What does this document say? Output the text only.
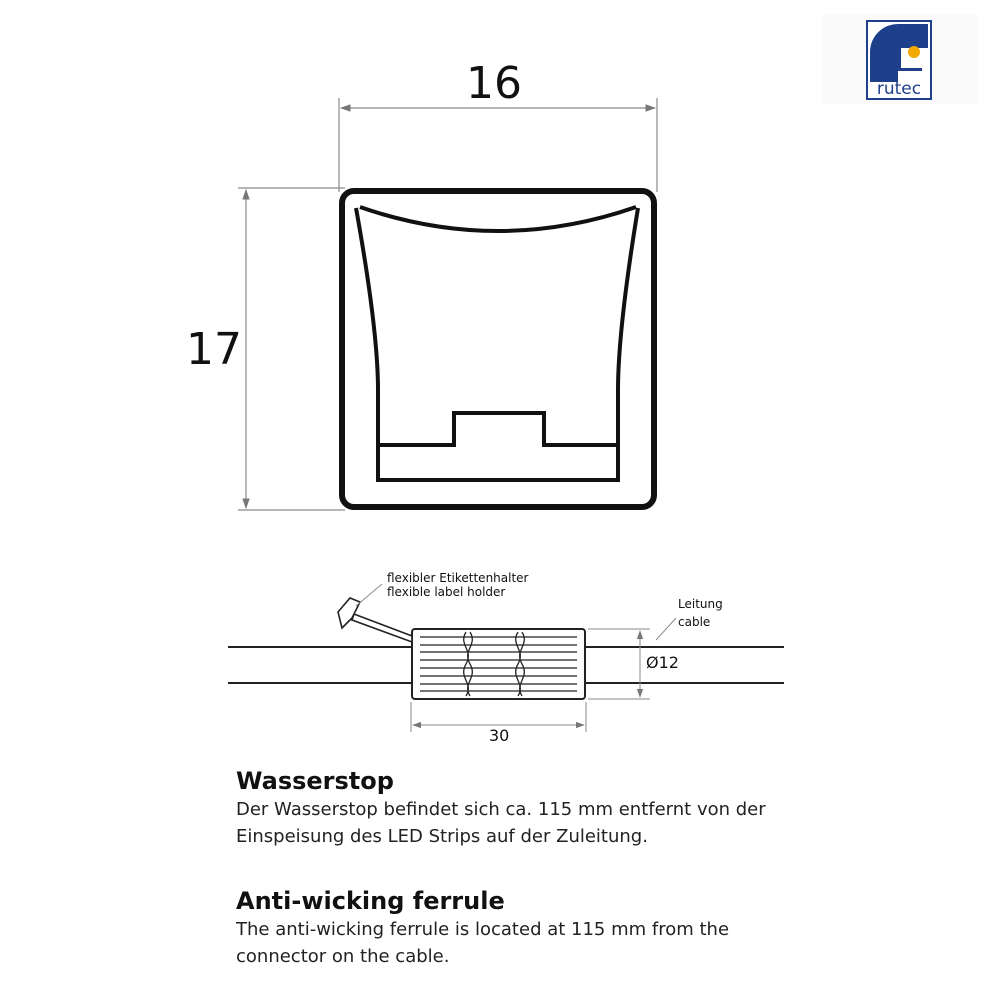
rutec
16
17
flexibler Etikettenhalter
flexible label holder
Leitung
cable
Ø12
30
Wasserstop

Der Wasserstop befindet sich ca. 115 mm entfernt von der Einspeisung des LED Strips auf der Zuleitung.

Anti-wicking ferrule

The anti-wicking ferrule is located at 115 mm from the connector on the cable.
